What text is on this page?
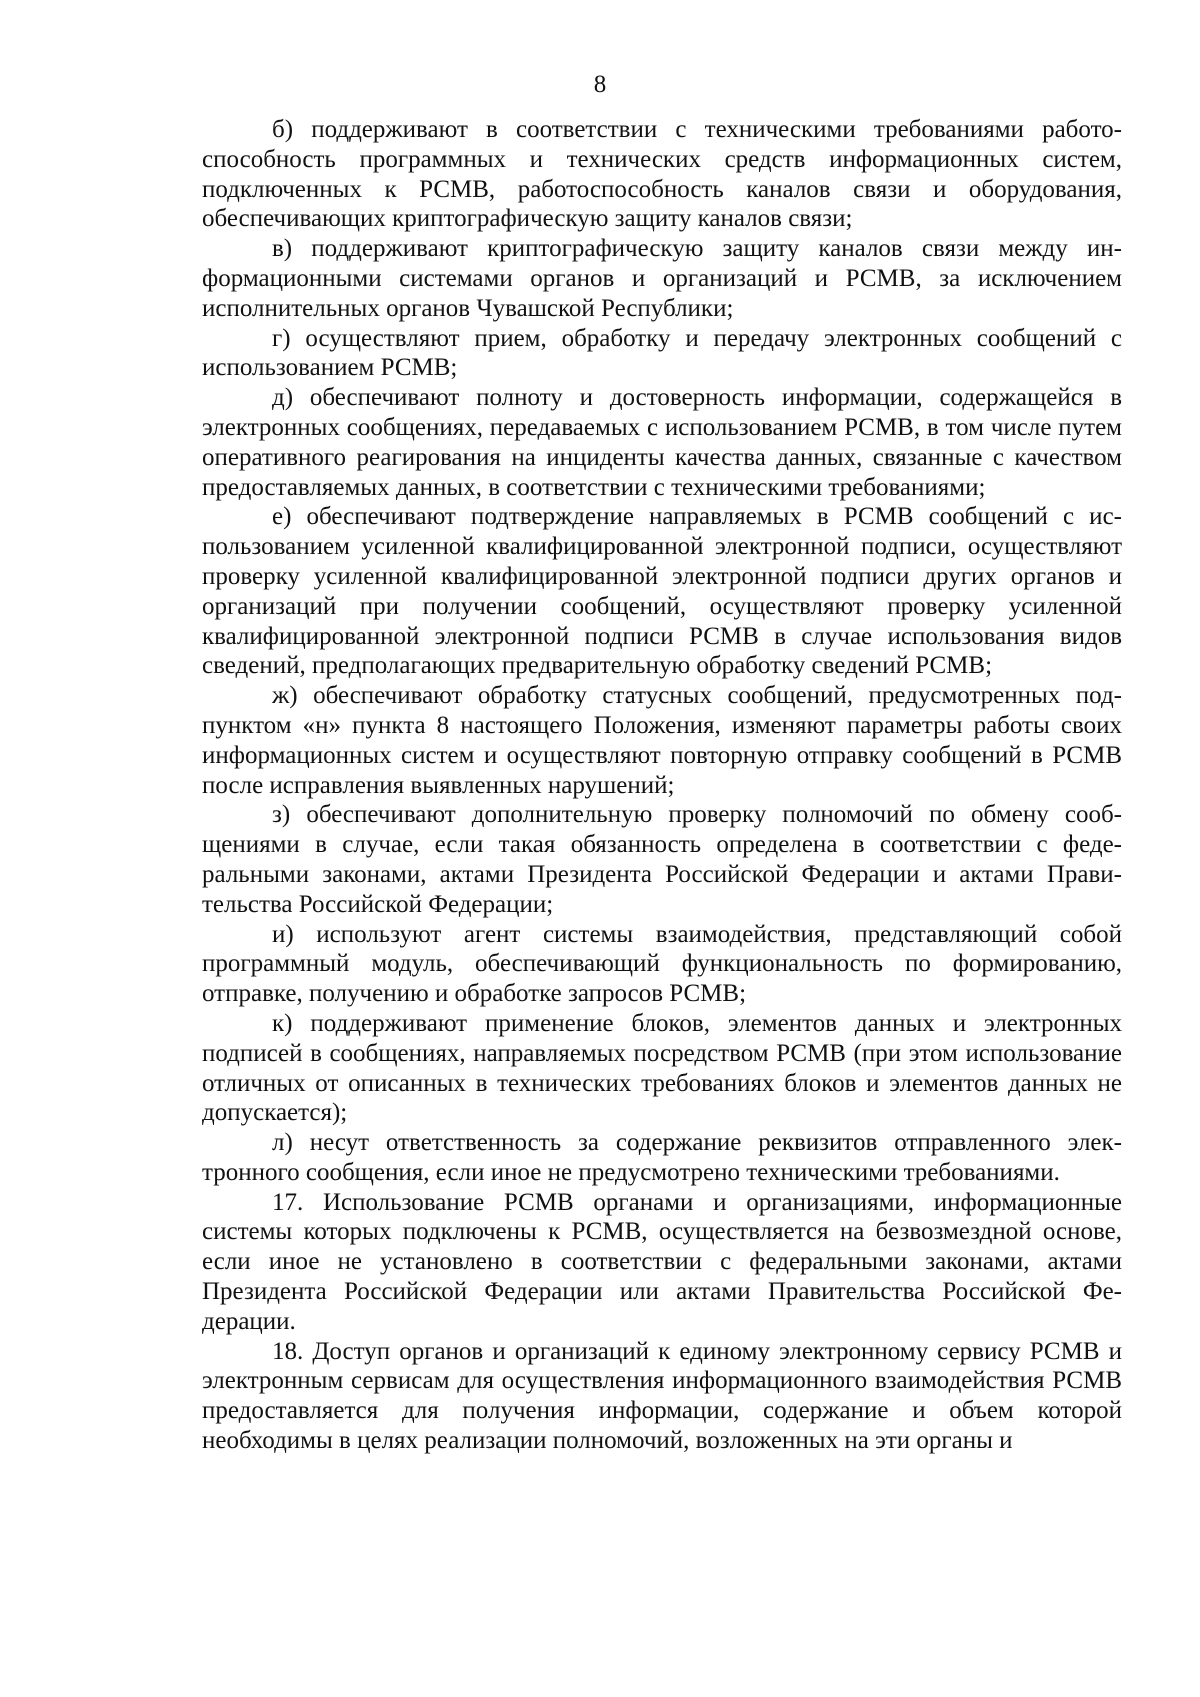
8

б) поддерживают в соответствии с техническими требованиями работоспособность программных и технических средств информационных систем, подключенных к РСМВ, работоспособность каналов связи и оборудования, обеспечивающих криптографическую защиту каналов связи;

в) поддерживают криптографическую защиту каналов связи между информационными системами органов и организаций и РСМВ, за исключением исполнительных органов Чувашской Республики;

г) осуществляют прием, обработку и передачу электронных сообщений с использованием РСМВ;

д) обеспечивают полноту и достоверность информации, содержащейся в электронных сообщениях, передаваемых с использованием РСМВ, в том числе путем оперативного реагирования на инциденты качества данных, связанные с качеством предоставляемых данных, в соответствии с техническими требованиями;

е) обеспечивают подтверждение направляемых в РСМВ сообщений с использованием усиленной квалифицированной электронной подписи, осуществляют проверку усиленной квалифицированной электронной подписи других органов и организаций при получении сообщений, осуществляют проверку усиленной квалифицированной электронной подписи РСМВ в случае использования видов сведений, предполагающих предварительную обработку сведений РСМВ;

ж) обеспечивают обработку статусных сообщений, предусмотренных подпунктом «н» пункта 8 настоящего Положения, изменяют параметры работы своих информационных систем и осуществляют повторную отправку сообщений в РСМВ после исправления выявленных нарушений;

з) обеспечивают дополнительную проверку полномочий по обмену сообщениями в случае, если такая обязанность определена в соответствии с федеральными законами, актами Президента Российской Федерации и актами Правительства Российской Федерации;

и) используют агент системы взаимодействия, представляющий собой программный модуль, обеспечивающий функциональность по формированию, отправке, получению и обработке запросов РСМВ;

к) поддерживают применение блоков, элементов данных и электронных подписей в сообщениях, направляемых посредством РСМВ (при этом использование отличных от описанных в технических требованиях блоков и элементов данных не допускается);

л) несут ответственность за содержание реквизитов отправленного электронного сообщения, если иное не предусмотрено техническими требованиями.

17. Использование РСМВ органами и организациями, информационные системы которых подключены к РСМВ, осуществляется на безвозмездной основе, если иное не установлено в соответствии с федеральными законами, актами Президента Российской Федерации или актами Правительства Российской Федерации.

18. Доступ органов и организаций к единому электронному сервису РСМВ и электронным сервисам для осуществления информационного взаимодействия РСМВ предоставляется для получения информации, содержание и объем которой необходимы в целях реализации полномочий, возложенных на эти органы и
